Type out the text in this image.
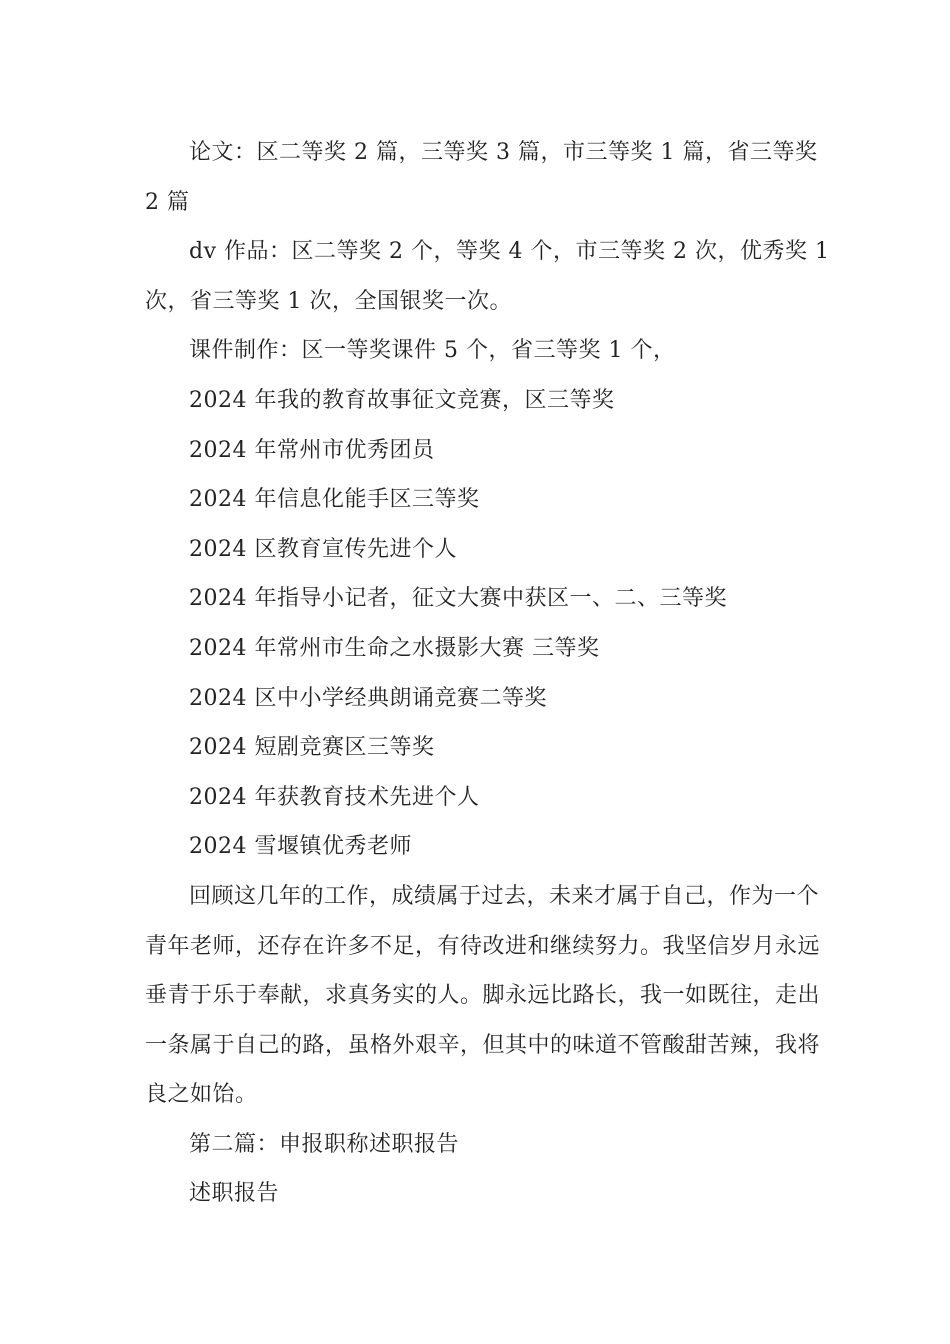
论文：区二等奖 2 篇，三等奖 3 篇，市三等奖 1 篇，省三等奖 2 篇

dv 作品：区二等奖 2 个，等奖 4 个，市三等奖 2 次，优秀奖 1 次，省三等奖 1 次，全国银奖一次。

课件制作：区一等奖课件 5 个，省三等奖 1 个，

2024 年我的教育故事征文竞赛，区三等奖

2024 年常州市优秀团员

2024 年信息化能手区三等奖

2024 区教育宣传先进个人

2024 年指导小记者，征文大赛中获区一、二、三等奖

2024 年常州市生命之水摄影大赛 三等奖

2024 区中小学经典朗诵竞赛二等奖

2024 短剧竞赛区三等奖

2024 年获教育技术先进个人

2024 雪堰镇优秀老师

回顾这几年的工作，成绩属于过去，未来才属于自己，作为一个青年老师，还存在许多不足，有待改进和继续努力。我坚信岁月永远垂青于乐于奉献，求真务实的人。脚永远比路长，我一如既往，走出一条属于自己的路，虽格外艰辛，但其中的味道不管酸甜苦辣，我将良之如饴。

第二篇：申报职称述职报告

述职报告
